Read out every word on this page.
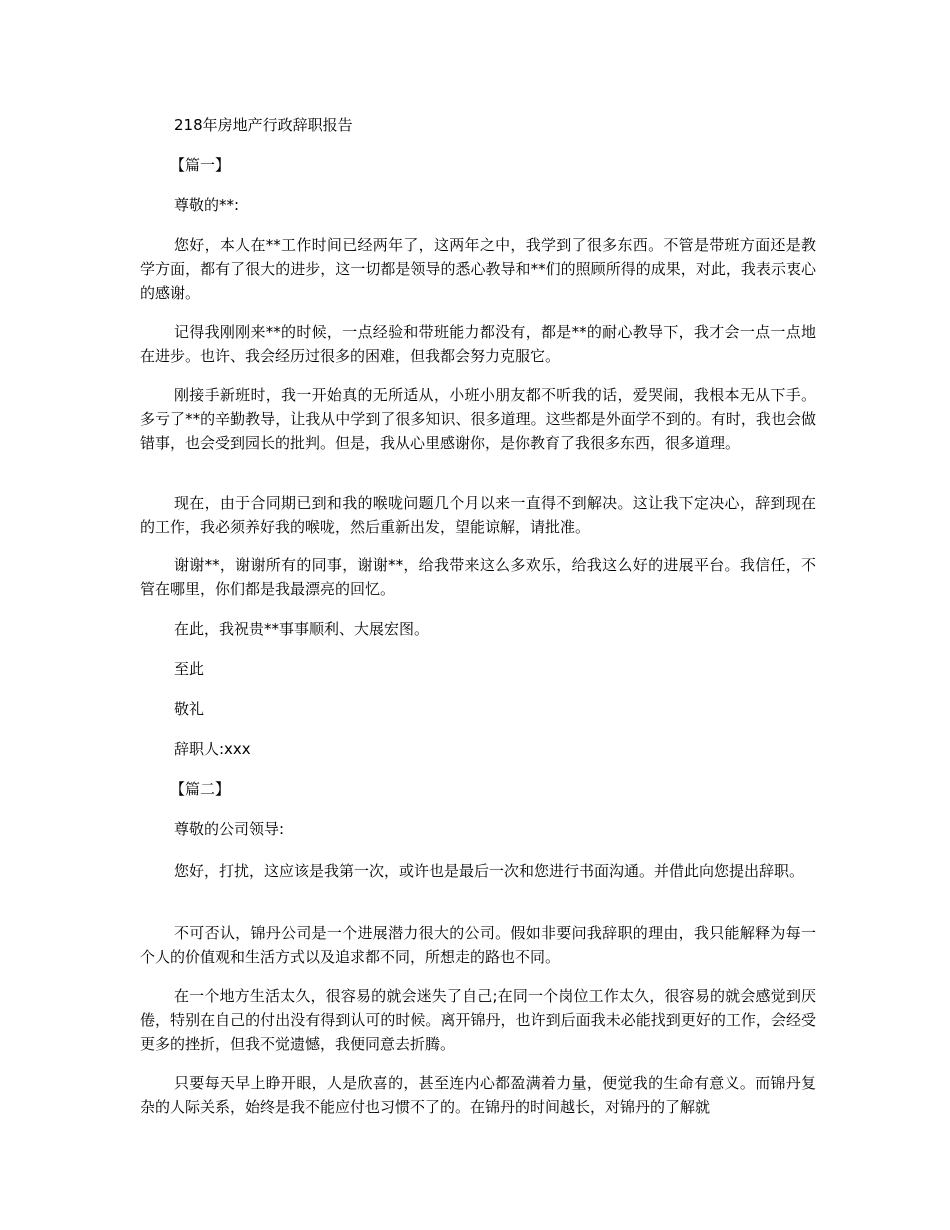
218年房地产行政辞职报告

【篇一】

尊敬的**:

您好，本人在**工作时间已经两年了，这两年之中，我学到了很多东西。不管是带班方面还是教学方面，都有了很大的进步，这一切都是领导的悉心教导和**们的照顾所得的成果，对此，我表示衷心的感谢。

记得我刚刚来**的时候，一点经验和带班能力都没有，都是**的耐心教导下，我才会一点一点地在进步。也许、我会经历过很多的困难，但我都会努力克服它。

刚接手新班时，我一开始真的无所适从，小班小朋友都不听我的话，爱哭闹，我根本无从下手。多亏了**的辛勤教导，让我从中学到了很多知识、很多道理。这些都是外面学不到的。有时，我也会做错事，也会受到园长的批判。但是，我从心里感谢你，是你教育了我很多东西，很多道理。

现在，由于合同期已到和我的喉咙问题几个月以来一直得不到解决。这让我下定决心，辞到现在的工作，我必须养好我的喉咙，然后重新出发，望能谅解，请批准。

谢谢**，谢谢所有的同事，谢谢**，给我带来这么多欢乐，给我这么好的进展平台。我信任，不管在哪里，你们都是我最漂亮的回忆。

在此，我祝贵**事事顺利、大展宏图。

至此

敬礼

辞职人:xxx

【篇二】

尊敬的公司领导:

您好，打扰，这应该是我第一次，或许也是最后一次和您进行书面沟通。并借此向您提出辞职。

不可否认，锦丹公司是一个进展潜力很大的公司。假如非要问我辞职的理由，我只能解释为每一个人的价值观和生活方式以及追求都不同，所想走的路也不同。

在一个地方生活太久，很容易的就会迷失了自己;在同一个岗位工作太久，很容易的就会感觉到厌倦，特别在自己的付出没有得到认可的时候。离开锦丹，也许到后面我未必能找到更好的工作，会经受更多的挫折，但我不觉遗憾，我便同意去折腾。

只要每天早上睁开眼，人是欣喜的，甚至连内心都盈满着力量，便觉我的生命有意义。而锦丹复杂的人际关系，始终是我不能应付也习惯不了的。在锦丹的时间越长，对锦丹的了解就
